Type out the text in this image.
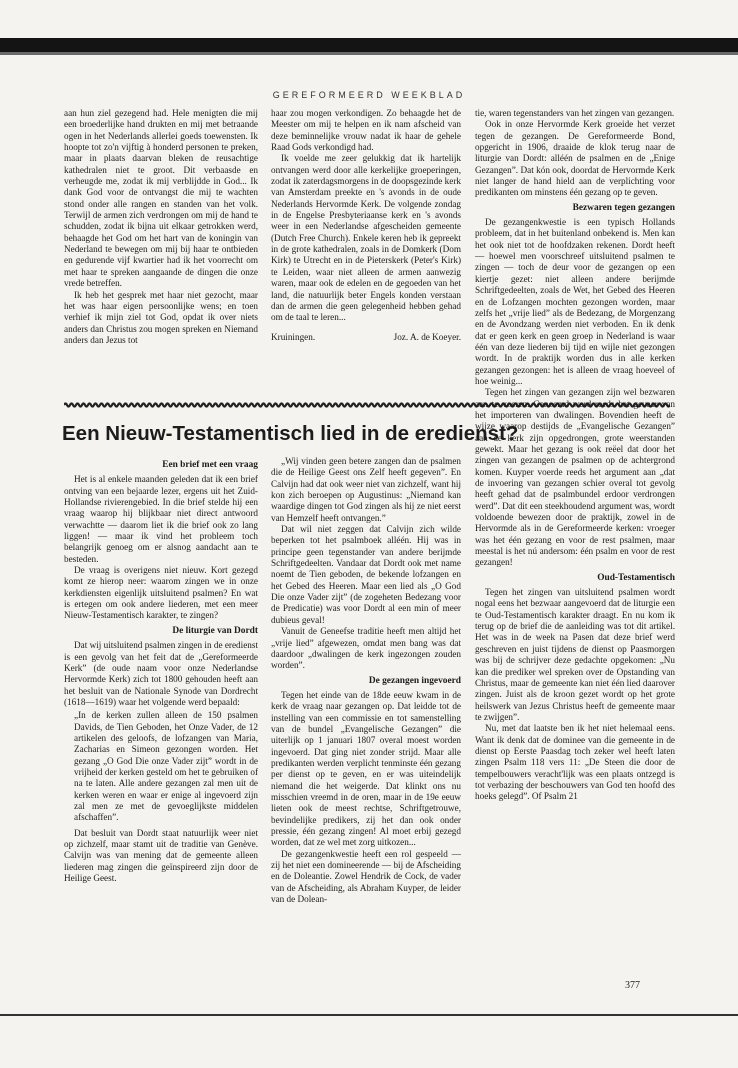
GEREFORMEERD WEEKBLAD

aan hun ziel gezegend had. Hele menigten die mij een broederlijke hand drukten en mij met betraande ogen in het Nederlands allerlei goeds toewensten. Ik hoopte tot zo'n vijftig à honderd personen te preken, maar in plaats daarvan bleken de reusachtige kathedralen niet te groot. Dit verbaasde en verheugde me, zodat ik mij verblijdde in God... Ik dank God voor de ontvangst die mij te wachten stond onder alle rangen en standen van het volk. Terwijl de armen zich verdrongen om mij de hand te schudden, zodat ik bijna uit elkaar getrokken werd, behaagde het God om het hart van de koningin van Nederland te bewegen om mij bij haar te ontbieden en gedurende vijf kwartier had ik het voorrecht om met haar te spreken aangaande de dingen die onze vrede betreffen.

Ik heb het gesprek met haar niet gezocht, maar het was haar eigen persoonlijke wens; en toen verhief ik mijn ziel tot God, opdat ik over niets anders dan Christus zou mogen spreken en Niemand anders dan Jezus tot

haar zou mogen verkondigen. Zo behaagde het de Meester om mij te helpen en ik nam afscheid van deze beminnelijke vrouw nadat ik haar de gehele Raad Gods verkondigd had.

Ik voelde me zeer gelukkig dat ik hartelijk ontvangen werd door alle kerkelijke groeperingen, zodat ik zaterdagsmorgens in de doopsgezinde kerk van Amsterdam preekte en 's avonds in de oude Nederlands Hervormde Kerk. De volgende zondag in de Engelse Presbyteriaanse kerk en 's avonds weer in een Nederlandse afgescheiden gemeente (Dutch Free Church). Enkele keren heb ik gepreekt in de grote kathedralen, zoals in de Domkerk (Dom Kirk) te Utrecht en in de Pieterskerk (Peter's Kirk) te Leiden, waar niet alleen de armen aanwezig waren, maar ook de edelen en de gegoeden van het land, die natuurlijk beter Engels konden verstaan dan de armen die geen gelegenheid hebben gehad om de taal te leren...

Kruiningen.	Joz. A. de Koeyer.
Een Nieuw-Testamentisch lied in de eredienst?
Een brief met een vraag

Het is al enkele maanden geleden dat ik een brief ontving van een bejaarde lezer, ergens uit het Zuid-Hollandse rivierengebied. In die brief stelde hij een vraag waarop hij blijkbaar niet direct antwoord verwachtte — daarom liet ik die brief ook zo lang liggen! — maar ik vind het probleem toch belangrijk genoeg om er alsnog aandacht aan te besteden.

De vraag is overigens niet nieuw. Kort gezegd komt ze hierop neer: waarom zingen we in onze kerkdiensten eigenlijk uitsluitend psalmen? En wat is ertegen om ook andere liederen, met een meer Nieuw-Testamentisch karakter, te zingen?

De liturgie van Dordt

Dat wij uitsluitend psalmen zingen in de eredienst is een gevolg van het feit dat de „Gereformeerde Kerk” (de oude naam voor onze Nederlandse Hervormde Kerk) zich tot 1800 gehouden heeft aan het besluit van de Nationale Synode van Dordrecht (1618—1619) waar het volgende werd bepaald:

„In de kerken zullen alleen de 150 psalmen Davids, de Tien Geboden, het Onze Vader, de 12 artikelen des geloofs, de lofzangen van Maria, Zacharias en Simeon gezongen worden. Het gezang „O God Die onze Vader zijt” wordt in de vrijheid der kerken gesteld om het te gebruiken of na te laten. Alle andere gezangen zal men uit de kerken weren en waar er enige al ingevoerd zijn zal men ze met de gevoeglijkste middelen afschaffen”.

Dat besluit van Dordt staat natuurlijk weer niet op zichzelf, maar stamt uit de traditie van Genève. Calvijn was van mening dat de gemeente alleen liederen mag zingen die geïnspireerd zijn door de Heilige Geest.

„Wij vinden geen betere zangen dan de psalmen die de Heilige Geest ons Zelf heeft gegeven”. En Calvijn had dat ook weer niet van zichzelf, want hij kon zich beroepen op Augustinus: „Niemand kan waardige dingen tot God zingen als hij ze niet eerst van Hemzelf heeft ontvangen.”

Dat wil niet zeggen dat Calvijn zich wilde beperken tot het psalmboek alléén. Hij was in principe geen tegenstander van andere berijmde Schriftgedeelten. Vandaar dat Dordt ook met name noemt de Tien geboden, de bekende lofzangen en het Gebed des Heeren. Maar een lied als „O God Die onze Vader zijt” (de zogeheten Bedezang voor de Predicatie) was voor Dordt al een min of meer dubieus geval!

Vanuit de Geneefse traditie heeft men altijd het „vrije lied” afgewezen, omdat men bang was dat daardoor „dwalingen de kerk ingezongen zouden worden”.

De gezangen ingevoerd

Tegen het einde van de 18de eeuw kwam in de kerk de vraag naar gezangen op. Dat leidde tot de instelling van een commissie en tot samenstelling van de bundel „Evangelische Gezangen” die uiterlijk op 1 januari 1807 overal moest worden ingevoerd. Dat ging niet zonder strijd. Maar alle predikanten werden verplicht tenminste één gezang per dienst op te geven, en er was uiteindelijk niemand die het weigerde. Dat klinkt ons nu misschien vreemd in de oren, maar in de 19e eeuw lieten ook de meest rechtse, Schriftgetrouwe, bevindelijke predikers, zij het dan ook onder pressie, één gezang zingen! Al moet erbij gezegd worden, dat ze wel met zorg uitkozen...

De gezangenkwestie heeft een rol gespeeld — zij het niet een domineerende — bij de Afscheiding en de Doleantie. Zowel Hendrik de Cock, de vader van de Afscheiding, als Abraham Kuyper, de leider van de Dolean-

tie, waren tegenstanders van het zingen van gezangen.

Ook in onze Hervormde Kerk groeide het verzet tegen de gezangen. De Gereformeerde Bond, opgericht in 1906, draaide de klok terug naar de liturgie van Dordt: alléén de psalmen en de „Enige Gezangen”. Dat kón ook, doordat de Hervormde Kerk niet langer de hand hield aan de verplichting voor predikanten om minstens één gezang op te geven.

Bezwaren tegen gezangen

De gezangenkwestie is een typisch Hollands probleem, dat in het buitenland onbekend is. Men kan het ook niet tot de hoofdzaken rekenen. Dordt heeft — hoewel men voorschreef uitsluitend psalmen te zingen — toch de deur voor de gezangen op een kiertje gezet: niet alleen andere berijmde Schriftgedeelten, zoals de Wet, het Gebed des Heeren en de Lofzangen mochten gezongen worden, maar zelfs het „vrije lied” als de Bedezang, de Morgenzang en de Avondzang werden niet verboden. En ik denk dat er geen kerk en geen groep in Nederland is waar één van deze liederen bij tijd en wijle niet gezongen wordt. In de praktijk worden dus in alle kerken gezangen gezongen: het is alleen de vraag hoeveel of hoe weinig...

Tegen het zingen van gezangen zijn wel bezwaren aan te voeren. Genoemd werd reeds het gevaar van het importeren van dwalingen. Bovendien heeft de wijze waarop destijds de „Evangelische Gezangen” aan de kerk zijn opgedrongen, grote weerstanden gewekt. Maar het gezang is ook reëel dat door het zingen van gezangen de psalmen op de achtergrond komen. Kuyper voerde reeds het argument aan „dat de invoering van gezangen schier overal tot gevolg heeft gehad dat de psalmbundel erdoor verdrongen werd”. Dat dit een steekhoudend argument was, wordt voldoende bewezen door de praktijk, zowel in de Hervormde als in de Gereformeerde kerken: vroeger was het één gezang en voor de rest psalmen, maar meestal is het nú andersom: één psalm en voor de rest gezangen!

Oud-Testamentisch

Tegen het zingen van uitsluitend psalmen wordt nogal eens het bezwaar aangevoerd dat de liturgie een te Oud-Testamentisch karakter draagt. En nu kom ik terug op de brief die de aanleiding was tot dit artikel. Het was in de week na Pasen dat deze brief werd geschreven en juist tijdens de dienst op Paasmorgen was bij de schrijver deze gedachte opgekomen: „Nu kan die prediker wel spreken over de Opstanding van Christus, maar de gemeente kan niet één lied daarover zingen. Juist als de kroon gezet wordt op het grote heilswerk van Jezus Christus heeft de gemeente maar te zwijgen”.

Nu, met dat laatste ben ik het niet helemaal eens. Want ik denk dat de dominee van die gemeente in de dienst op Eerste Paasdag toch zeker wel heeft laten zingen Psalm 118 vers 11: „De Steen die door de tempelbouwers veracht'lijk was een plaats ontzegd is tot verbazing der beschouwers van God ten hoofd des hoeks gelegd”. Of Psalm 21

377
